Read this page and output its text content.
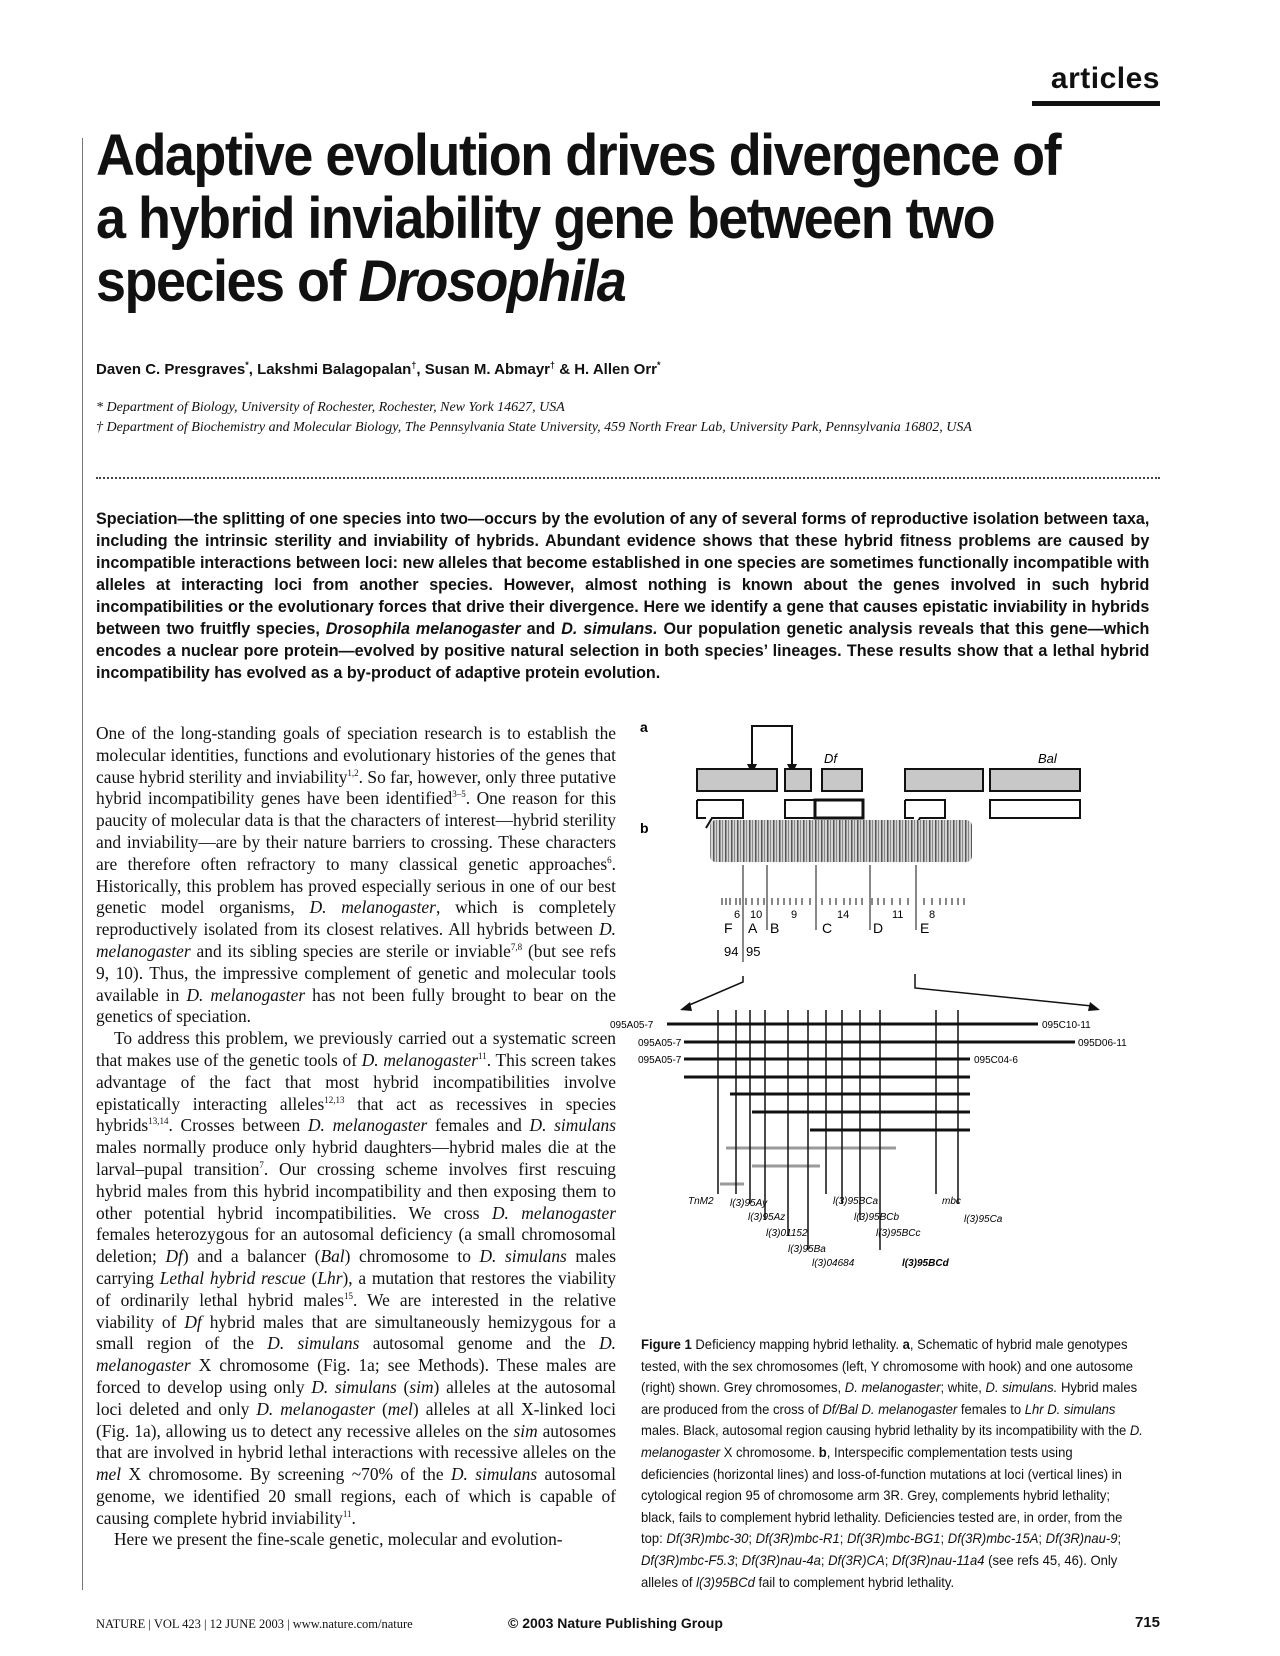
articles
Adaptive evolution drives divergence of
a hybrid inviability gene between two
species of Drosophila
Daven C. Presgraves*, Lakshmi Balagopalan†, Susan M. Abmayr† & H. Allen Orr*
* Department of Biology, University of Rochester, Rochester, New York 14627, USA
† Department of Biochemistry and Molecular Biology, The Pennsylvania State University, 459 North Frear Lab, University Park, Pennsylvania 16802, USA

Speciation—the splitting of one species into two—occurs by the evolution of any of several forms of reproductive isolation between taxa, including the intrinsic sterility and inviability of hybrids. Abundant evidence shows that these hybrid fitness problems are caused by incompatible interactions between loci: new alleles that become established in one species are sometimes functionally incompatible with alleles at interacting loci from another species. However, almost nothing is known about the genes involved in such hybrid incompatibilities or the evolutionary forces that drive their divergence. Here we identify a gene that causes epistatic inviability in hybrids between two fruitfly species, Drosophila melanogaster and D. simulans. Our population genetic analysis reveals that this gene—which encodes a nuclear pore protein—evolved by positive natural selection in both species’ lineages. These results show that a lethal hybrid incompatibility has evolved as a by-product of adaptive protein evolution.

One of the long-standing goals of speciation research is to establish the molecular identities, functions and evolutionary histories of the genes that cause hybrid sterility and inviability$^{1,2}$. So far, however, only three putative hybrid incompatibility genes have been identified$^{3-5}$. One reason for this paucity of molecular data is that the characters of interest—hybrid sterility and inviability—are by their nature barriers to crossing. These characters are therefore often refractory to many classical genetic approaches$^6$. Historically, this problem has proved especially serious in one of our best genetic model organisms, D. melanogaster, which is completely reproductively isolated from its closest relatives. All hybrids between D. melanogaster and its sibling species are sterile or inviable$^{7,8}$ (but see refs 9, 10). Thus, the impressive complement of genetic and molecular tools available in D. melanogaster has not been fully brought to bear on the genetics of speciation.

To address this problem, we previously carried out a systematic screen that makes use of the genetic tools of D. melanogaster$^{11}$. This screen takes advantage of the fact that most hybrid incompatibilities involve epistatically interacting alleles$^{12,13}$ that act as recessives in species hybrids$^{13,14}$. Crosses between D. melanogaster females and D. simulans males normally produce only hybrid daughters—hybrid males die at the larval–pupal transition$^7$. Our crossing scheme involves first rescuing hybrid males from this hybrid incompatibility and then exposing them to other potential hybrid incompatibilities. We cross D. melanogaster females heterozygous for an autosomal deficiency (a small chromosomal deletion; Df) and a balancer (Bal) chromosome to D. simulans males carrying Lethal hybrid rescue (Lhr), a mutation that restores the viability of ordinarily lethal hybrid males$^{15}$. We are interested in the relative viability of Df hybrid males that are simultaneously hemizygous for a small region of the D. simulans autosomal genome and the D. melanogaster X chromosome (Fig. 1a; see Methods). These males are forced to develop using only D. simulans (sim) alleles at the autosomal loci deleted and only D. melanogaster (mel) alleles at all X-linked loci (Fig. 1a), allowing us to detect any recessive alleles on the sim autosomes that are involved in hybrid lethal interactions with recessive alleles on the mel X chromosome. By screening ~70% of the D. simulans autosomal genome, we identified 20 small regions, each of which is capable of causing complete hybrid inviability$^{11}$.

Here we present the fine-scale genetic, molecular and evolution-

a
Df	Bal
b
6 10	9	14	11 8
F A B	C	D	E
94 95
095A05-7
095A05-7
095A05-7
095C10-11
095D06-11
095C04-6
TnM2 l(3)95Ay
l(3)95Az
l(3)01152
l(3)95Ba
l(3)04684
l(3)95BCa
l(3)95BCb
l(3)95BCc
l(3)95BCd
mbc
l(3)95Ca

Figure 1 Deficiency mapping hybrid lethality. a, Schematic of hybrid male genotypes tested, with the sex chromosomes (left, Y chromosome with hook) and one autosome (right) shown. Grey chromosomes, D. melanogaster; white, D. simulans. Hybrid males are produced from the cross of Df/Bal D. melanogaster females to Lhr D. simulans males. Black, autosomal region causing hybrid lethality by its incompatibility with the D. melanogaster X chromosome. b, Interspecific complementation tests using deficiencies (horizontal lines) and loss-of-function mutations at loci (vertical lines) in cytological region 95 of chromosome arm 3R. Grey, complements hybrid lethality; black, fails to complement hybrid lethality. Deficiencies tested are, in order, from the top: Df(3R)mbc-30; Df(3R)mbc-R1; Df(3R)mbc-BG1; Df(3R)mbc-15A; Df(3R)nau-9; Df(3R)mbc-F5.3; Df(3R)nau-4a; Df(3R)CA; Df(3R)nau-11a4 (see refs 45, 46). Only alleles of l(3)95BCd fail to complement hybrid lethality.

NATURE | VOL 423 | 12 JUNE 2003 | www.nature.com/nature	© 2003 Nature Publishing Group	715
